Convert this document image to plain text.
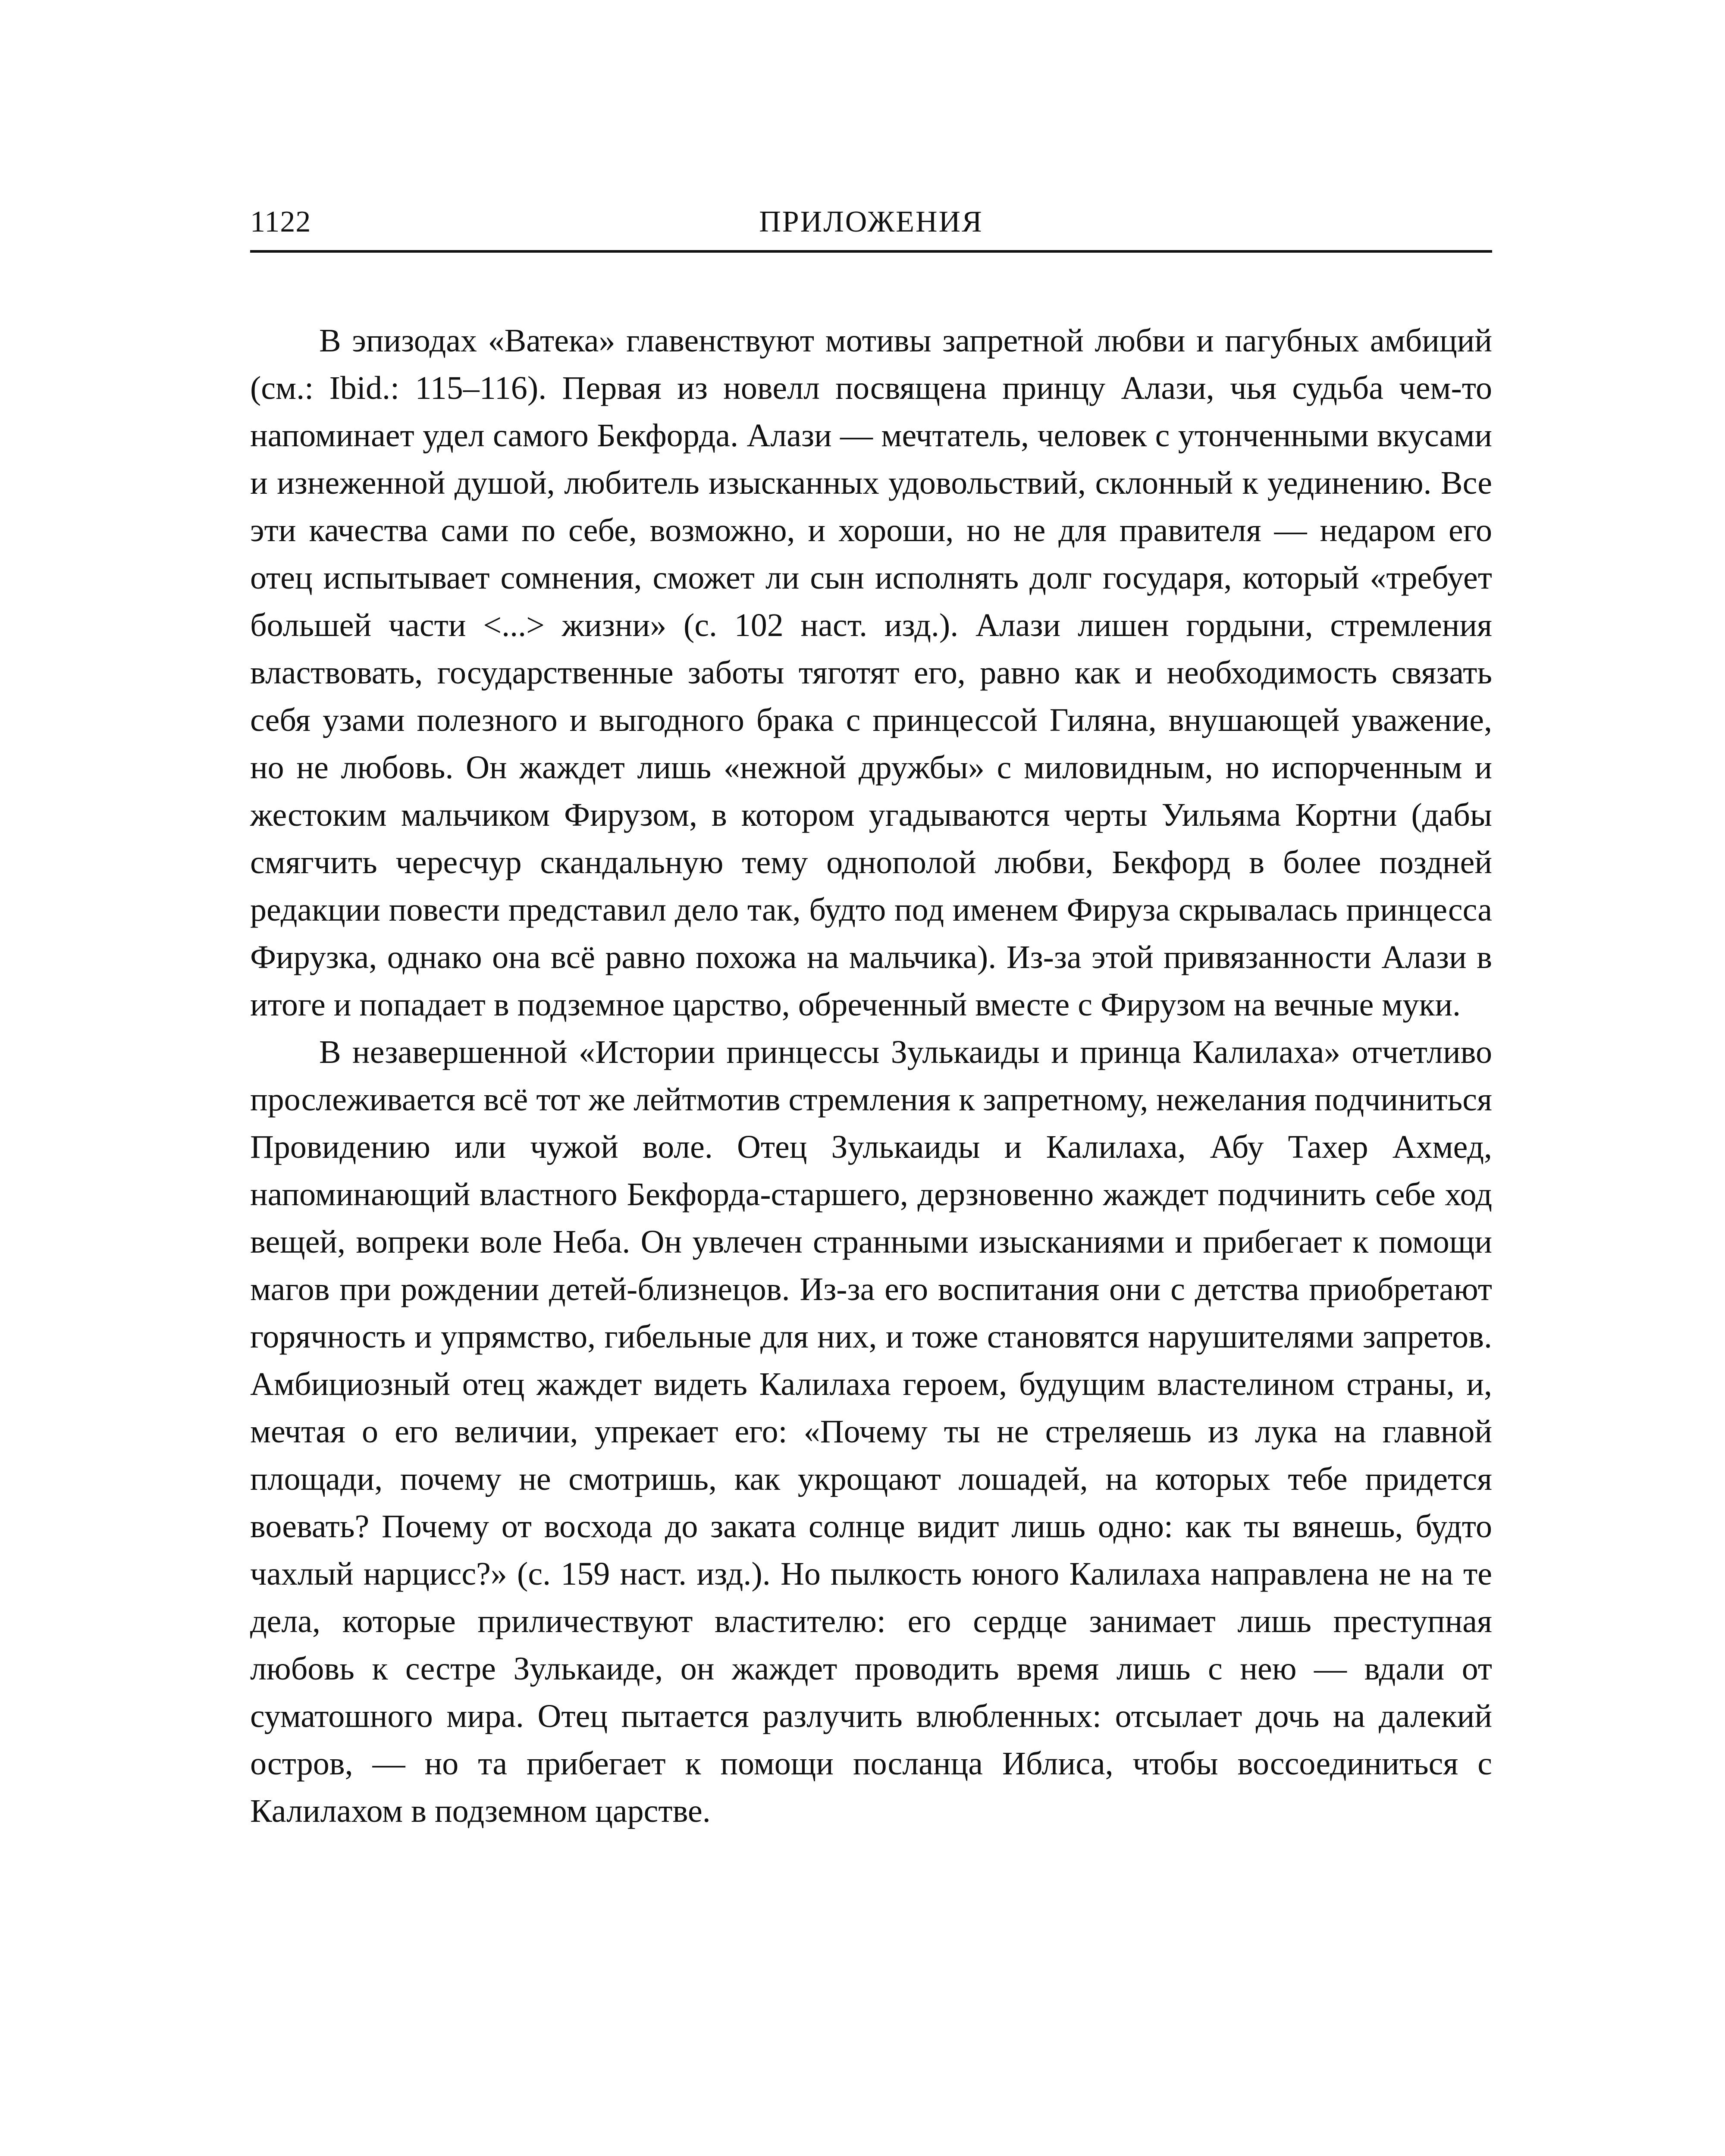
1122	ПРИЛОЖЕНИЯ

В эпизодах «Ватека» главенствуют мотивы запретной любви и пагубных амбиций (см.: Ibid.: 115–116). Первая из новелл посвящена принцу Алази, чья судьба чем-то напоминает удел самого Бекфорда. Алази — мечтатель, человек с утонченными вкусами и изнеженной душой, любитель изысканных удовольствий, склонный к уединению. Все эти качества сами по себе, возможно, и хороши, но не для правителя — недаром его отец испытывает сомнения, сможет ли сын исполнять долг государя, который «требует большей части <...> жизни» (с. 102 наст. изд.). Алази лишен гордыни, стремления властвовать, государственные заботы тяготят его, равно как и необходимость связать себя узами полезного и выгодного брака с принцессой Гиляна, внушающей уважение, но не любовь. Он жаждет лишь «нежной дружбы» с миловидным, но испорченным и жестоким мальчиком Фирузом, в котором угадываются черты Уильяма Кортни (дабы смягчить чересчур скандальную тему однополой любви, Бекфорд в более поздней редакции повести представил дело так, будто под именем Фируза скрывалась принцесса Фирузка, однако она всё равно похожа на мальчика). Из-за этой привязанности Алази в итоге и попадает в подземное царство, обреченный вместе с Фирузом на вечные муки.

В незавершенной «Истории принцессы Зулькаиды и принца Калилаха» отчетливо прослеживается всё тот же лейтмотив стремления к запретному, нежелания подчиниться Провидению или чужой воле. Отец Зулькаиды и Калилаха, Абу Тахер Ахмед, напоминающий властного Бекфорда-старшего, дерзновенно жаждет подчинить себе ход вещей, вопреки воле Неба. Он увлечен странными изысканиями и прибегает к помощи магов при рождении детей-близнецов. Из-за его воспитания они с детства приобретают горячность и упрямство, гибельные для них, и тоже становятся нарушителями запретов. Амбициозный отец жаждет видеть Калилаха героем, будущим властелином страны, и, мечтая о его величии, упрекает его: «Почему ты не стреляешь из лука на главной площади, почему не смотришь, как укрощают лошадей, на которых тебе придется воевать? Почему от восхода до заката солнце видит лишь одно: как ты вянешь, будто чахлый нарцисс?» (с. 159 наст. изд.). Но пылкость юного Калилаха направлена не на те дела, которые приличествуют властителю: его сердце занимает лишь преступная любовь к сестре Зулькаиде, он жаждет проводить время лишь с нею — вдали от суматошного мира. Отец пытается разлучить влюбленных: отсылает дочь на далекий остров, — но та прибегает к помощи посланца Иблиса, чтобы воссоединиться с Калилахом в подземном царстве.
